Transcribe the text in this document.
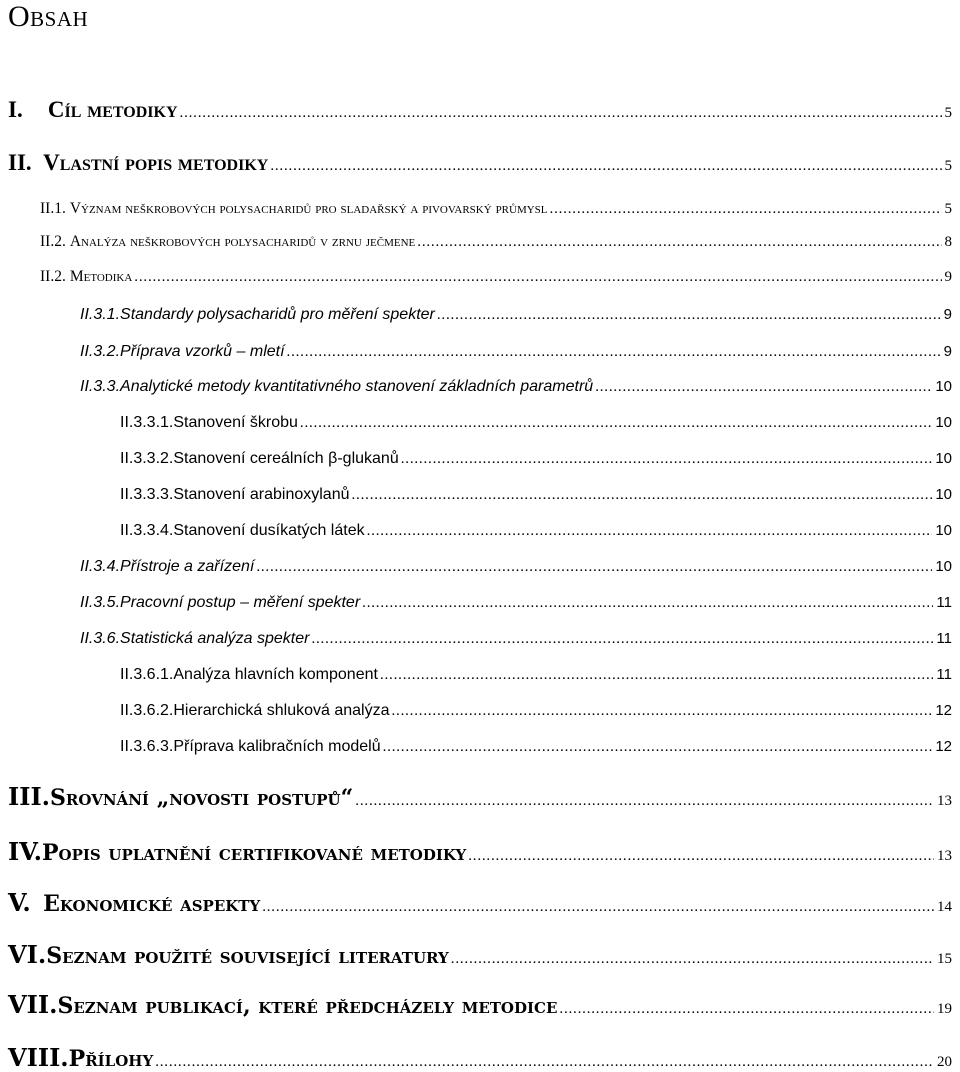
Obsah
I.	Cíl metodiky .....	5
II. Vlastní popis metodiky .....	5
II.1. Význam neškrobových polysacharidů pro sladařský a pivovarský průmysl .....	5
II.2. Analýza neškrobových polysacharidů v zrnu ječmene .....	8
II.2. Metodika .....	9
II.3.1. Standardy polysacharidů pro měření spekter .....	9
II.3.2. Příprava vzorků – mletí .....	9
II.3.3. Analytické metody kvantitativného stanovení základních parametrů .....	10
II.3.3.1. Stanovení škrobu .....	10
II.3.3.2. Stanovení cereálních β-glukanů .....	10
II.3.3.3. Stanovení arabinoxylanů .....	10
II.3.3.4. Stanovení dusíkatých látek .....	10
II.3.4. Přístroje a zařízení .....	10
II.3.5. Pracovní postup – měření spekter .....	11
II.3.6. Statistická analýza spekter .....	11
II.3.6.1. Analýza hlavních komponent .....	11
II.3.6.2. Hierarchická shluková analýza .....	12
II.3.6.3. Příprava kalibračních modelů .....	12
III. Srovnání „novosti postupů“ .....	13
IV. Popis uplatnění certifikované metodiky .....	13
V. Ekonomické aspekty .....	14
VI. Seznam použité související literatury .....	15
VII. Seznam publikací, které předcházely metodice .....	19
VIII. Přílohy .....	20
